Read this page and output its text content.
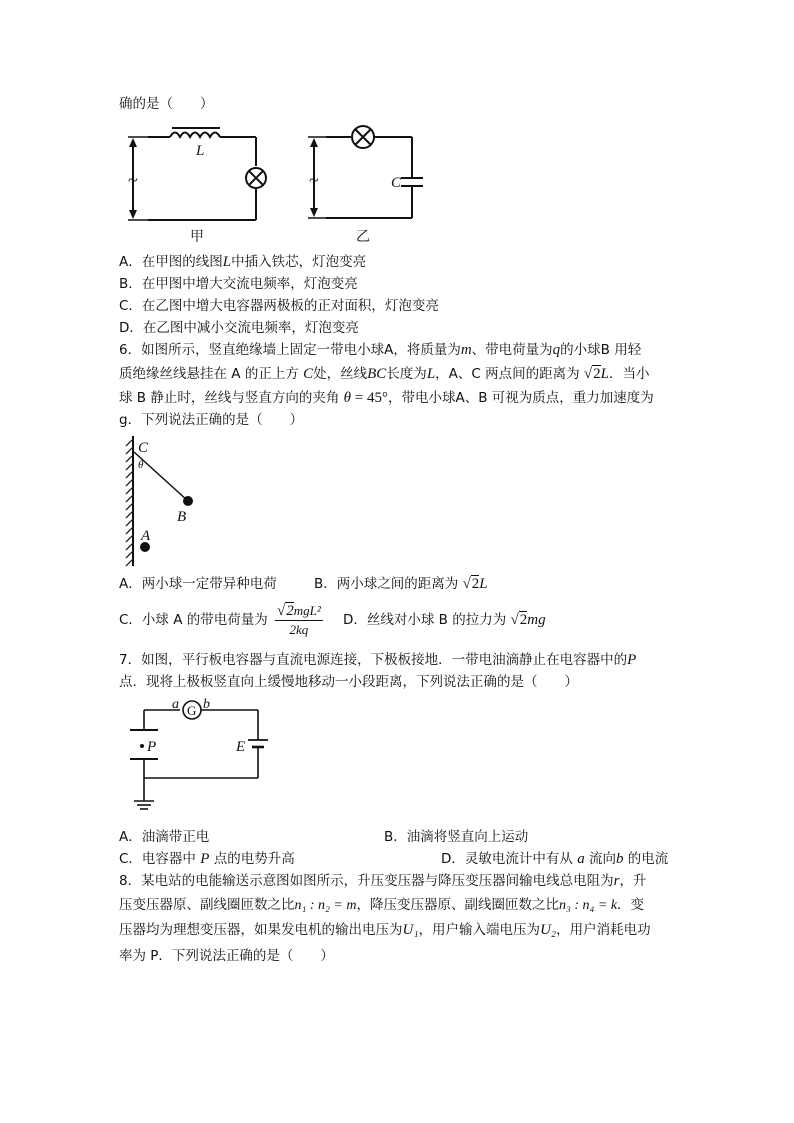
确的是（　　）
~
L
甲
~	C
乙
A．在甲图的线图L中插入铁芯，灯泡变亮
B．在甲图中增大交流电频率，灯泡变亮
C．在乙图中增大电容器两极板的正对面积，灯泡变亮
D．在乙图中减小交流电频率，灯泡变亮
6．如图所示，竖直绝缘墙上固定一带电小球A，将质量为m、带电荷量为q的小球B 用轻
质绝缘丝线悬挂在 A 的正上方 C处，丝线BC长度为L，A、C 两点间的距离为 √2L．当小
球 B 静止时，丝线与竖直方向的夹角 θ = 45°，带电小球A、B 可视为质点，重力加速度为
g．下列说法正确的是（　　）
C
θ
B
A
A．两小球一定带异种电荷	B．两小球之间的距离为 √2L
C．小球 A 的带电荷量为 $\frac{\text{√2mgL²}}{2kq}$ D．丝线对小球 B 的拉力为 √2mg
7．如图，平行板电容器与直流电源连接，下极板接地．一带电油滴静止在电容器中的P
点．现将上极板竖直向上缓慢地移动一小段距离，下列说法正确的是（　　）
a G b
P	E
A．油滴带正电	B．油滴将竖直向上运动
C．电容器中 P 点的电势升高	D．灵敏电流计中有从 a 流向b 的电流
8．某电站的电能输送示意图如图所示，升压变压器与降压变压器间输电线总电阻为r，升
压变压器原、副线圈匝数之比n₁ : n₂ = m，降压变压器原、副线圈匝数之比n₃ : n₄ = k．变
压器均为理想变压器，如果发电机的输出电压为U₁，用户输入端电压为U₂，用户消耗电功
率为 P．下列说法正确的是（　　）
